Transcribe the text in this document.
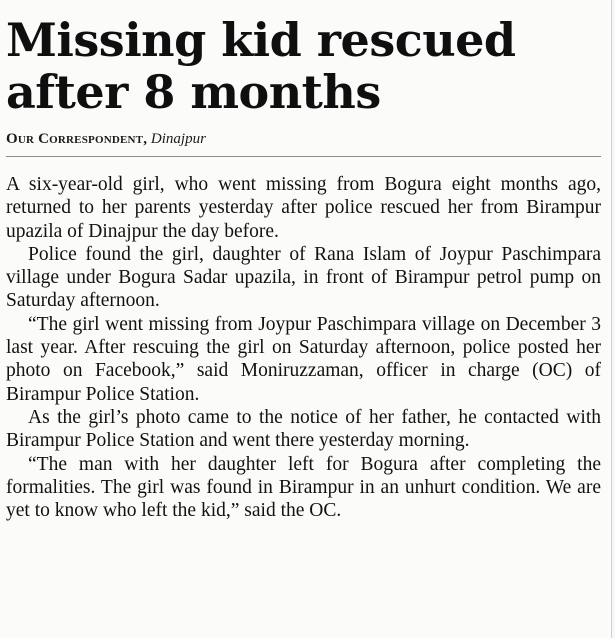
Missing kid rescued
after 8 months
Our Correspondent, Dinajpur

A six-year-old girl, who went missing from Bogura eight months ago, returned to her parents yesterday after police rescued her from Birampur upazila of Dinajpur the day before.

Police found the girl, daughter of Rana Islam of Joypur Paschimpara village under Bogura Sadar upazila, in front of Birampur petrol pump on Saturday afternoon.

“The girl went missing from Joypur Paschimpara village on December 3 last year. After rescuing the girl on Saturday afternoon, police posted her photo on Facebook,” said Moniruzzaman, officer in charge (OC) of Birampur Police Station.

As the girl’s photo came to the notice of her father, he contacted with Birampur Police Station and went there yesterday morning.

“The man with her daughter left for Bogura after completing the formalities. The girl was found in Birampur in an unhurt condition. We are yet to know who left the kid,” said the OC.
